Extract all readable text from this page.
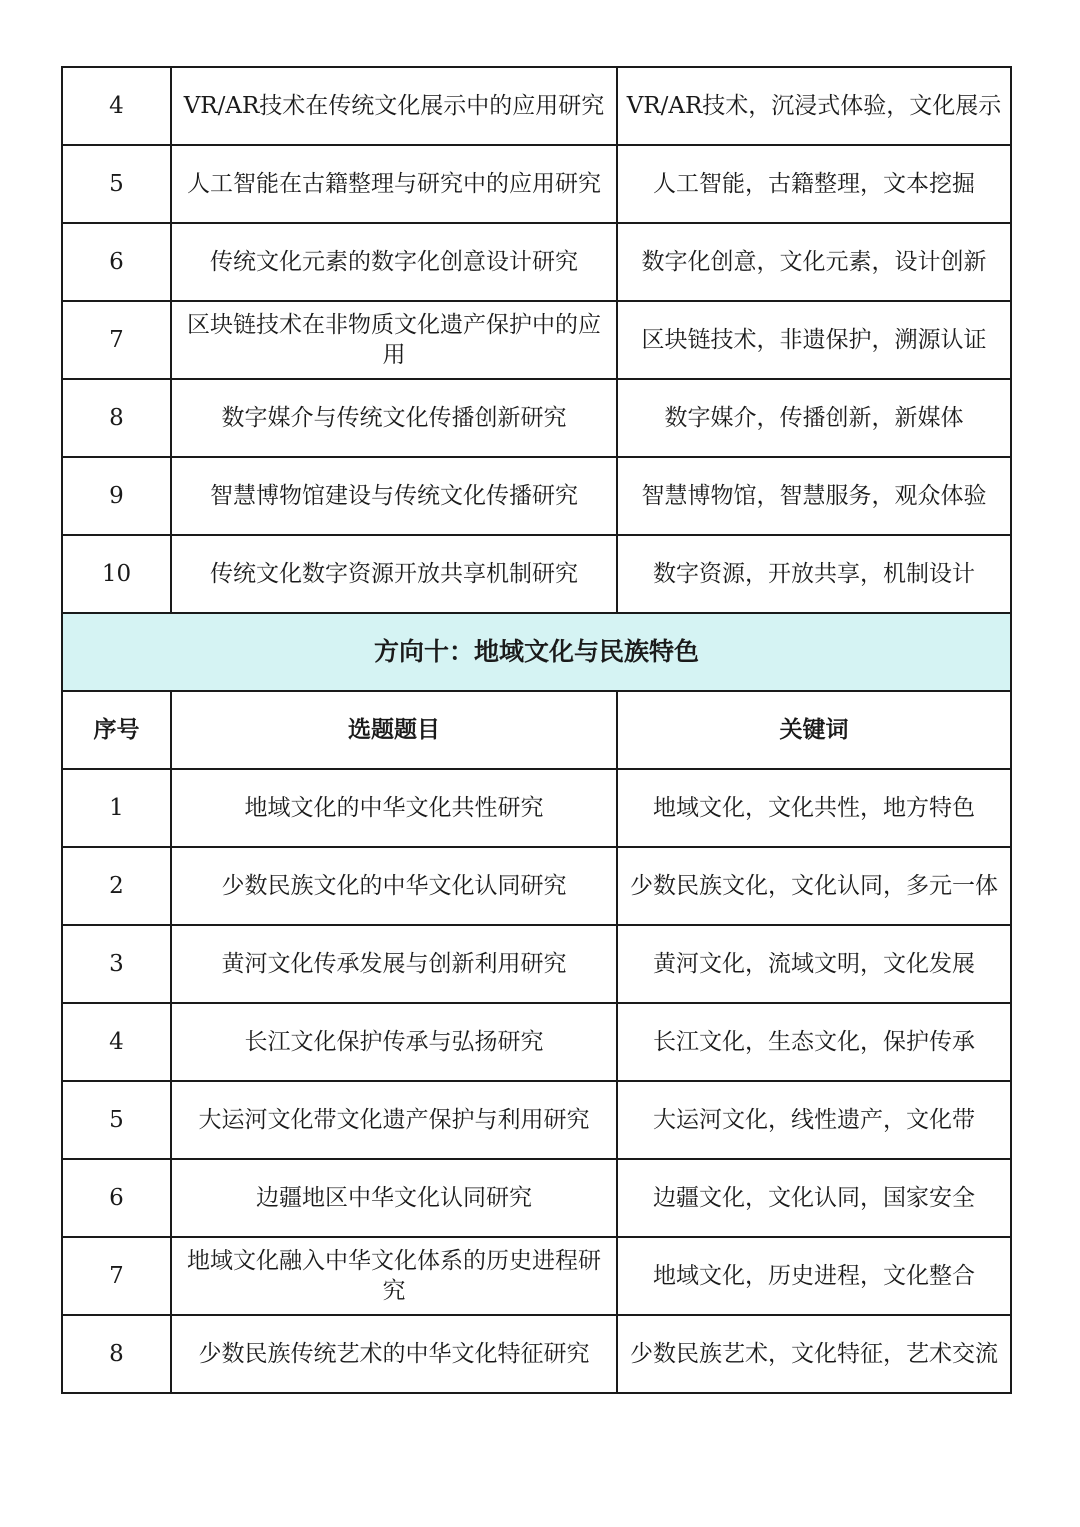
4	VR/AR技术在传统文化展示中的应用研究	VR/AR技术，沉浸式体验，文化展示
5	人工智能在古籍整理与研究中的应用研究	人工智能，古籍整理，文本挖掘
6	传统文化元素的数字化创意设计研究	数字化创意，文化元素，设计创新
7	区块链技术在非物质文化遗产保护中的应用	区块链技术，非遗保护，溯源认证
8	数字媒介与传统文化传播创新研究	数字媒介，传播创新，新媒体
9	智慧博物馆建设与传统文化传播研究	智慧博物馆，智慧服务，观众体验
10	传统文化数字资源开放共享机制研究	数字资源，开放共享，机制设计
方向十：地域文化与民族特色		
序号	选题题目	关键词
1	地域文化的中华文化共性研究	地域文化，文化共性，地方特色
2	少数民族文化的中华文化认同研究	少数民族文化，文化认同，多元一体
3	黄河文化传承发展与创新利用研究	黄河文化，流域文明，文化发展
4	长江文化保护传承与弘扬研究	长江文化，生态文化，保护传承
5	大运河文化带文化遗产保护与利用研究	大运河文化，线性遗产，文化带
6	边疆地区中华文化认同研究	边疆文化，文化认同，国家安全
7	地域文化融入中华文化体系的历史进程研究	地域文化，历史进程，文化整合
8	少数民族传统艺术的中华文化特征研究	少数民族艺术，文化特征，艺术交流
